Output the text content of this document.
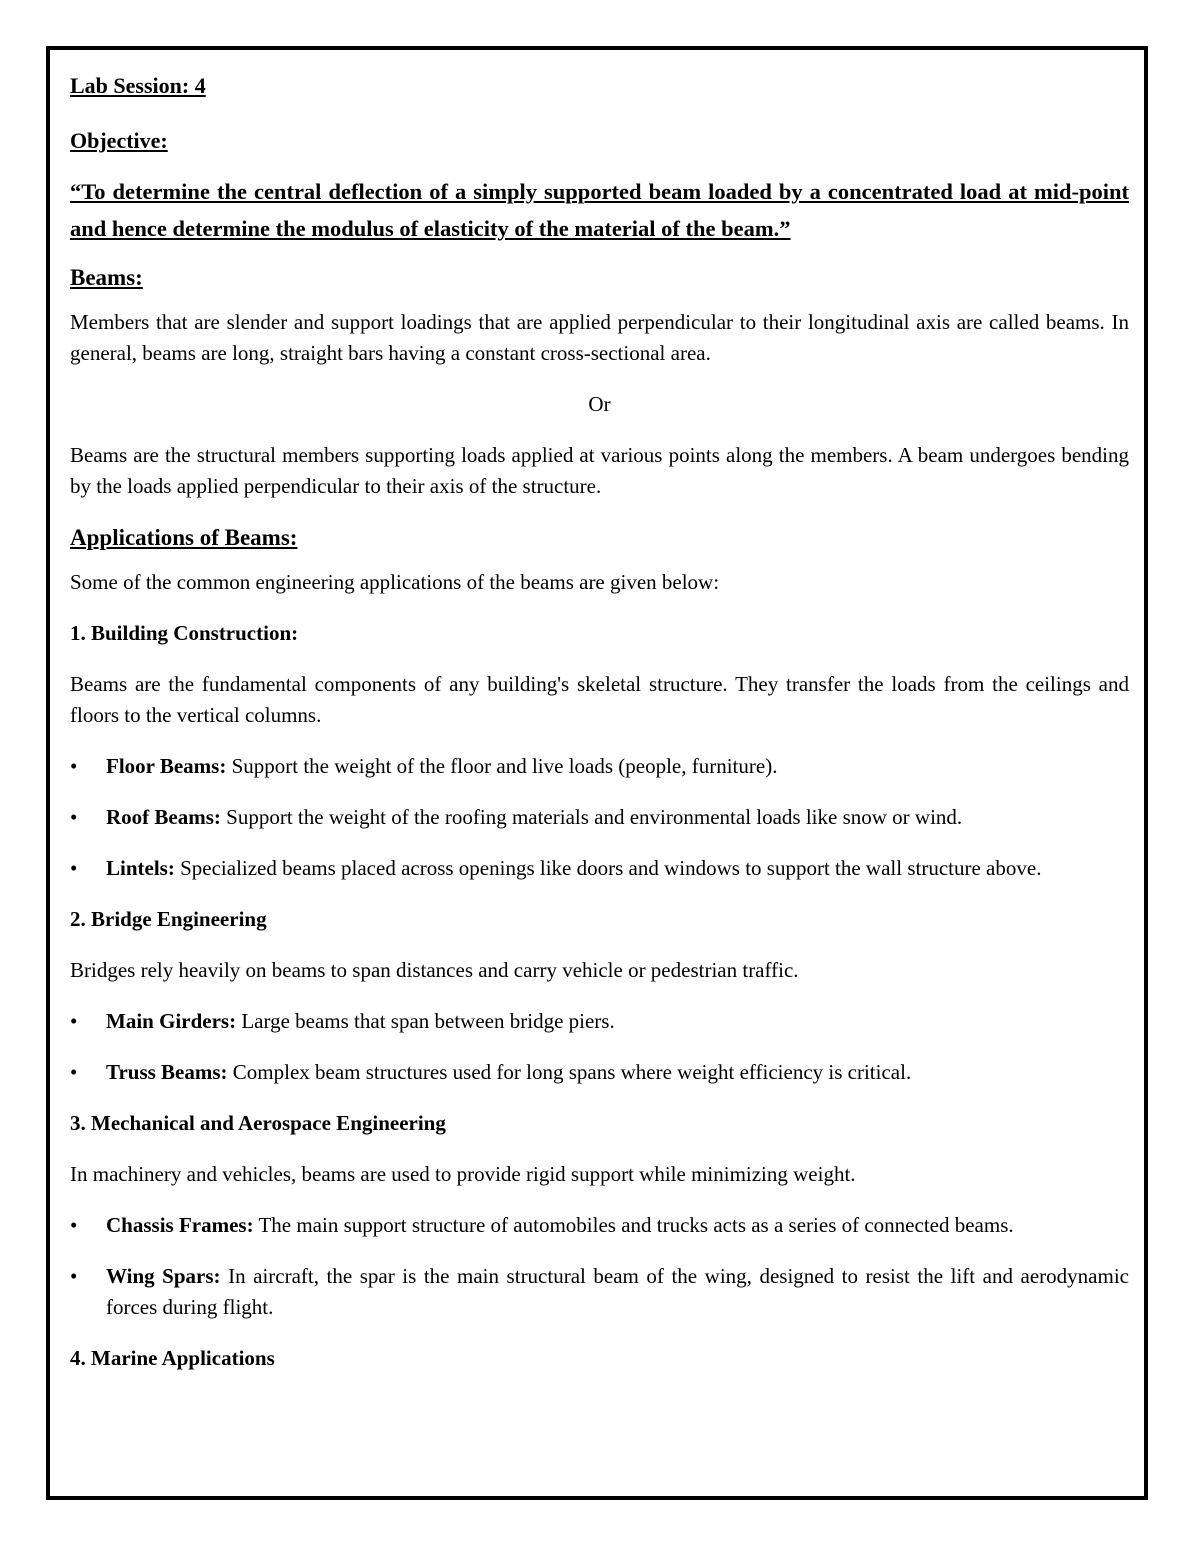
Lab Session: 4

Objective:

“To determine the central deflection of a simply supported beam loaded by a concentrated load at mid-point and hence determine the modulus of elasticity of the material of the beam.”

Beams:

Members that are slender and support loadings that are applied perpendicular to their longitudinal axis are called beams. In general, beams are long, straight bars having a constant cross-sectional area.

Or

Beams are the structural members supporting loads applied at various points along the members. A beam undergoes bending by the loads applied perpendicular to their axis of the structure.

Applications of Beams:

Some of the common engineering applications of the beams are given below:

1. Building Construction:

Beams are the fundamental components of any building's skeletal structure. They transfer the loads from the ceilings and floors to the vertical columns.

• Floor Beams: Support the weight of the floor and live loads (people, furniture).
• Roof Beams: Support the weight of the roofing materials and environmental loads like snow or wind.
• Lintels: Specialized beams placed across openings like doors and windows to support the wall structure above.

2. Bridge Engineering

Bridges rely heavily on beams to span distances and carry vehicle or pedestrian traffic.

• Main Girders: Large beams that span between bridge piers.
• Truss Beams: Complex beam structures used for long spans where weight efficiency is critical.

3. Mechanical and Aerospace Engineering

In machinery and vehicles, beams are used to provide rigid support while minimizing weight.

• Chassis Frames: The main support structure of automobiles and trucks acts as a series of connected beams.
• Wing Spars: In aircraft, the spar is the main structural beam of the wing, designed to resist the lift and aerodynamic forces during flight.

4. Marine Applications
